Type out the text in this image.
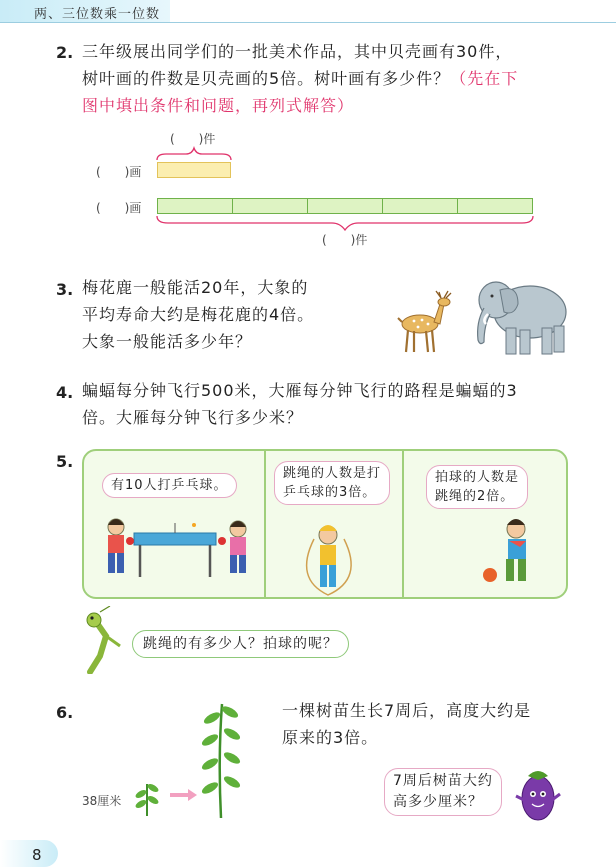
两、三位数乘一位数
2. 三年级展出同学们的一批美术作品，其中贝壳画有30件，
树叶画的件数是贝壳画的5倍。树叶画有多少件？（先在下
图中填出条件和问题，再列式解答）
(　　)件
(　　)画
(　　)画
(　　)件
3. 梅花鹿一般能活20年，大象的
平均寿命大约是梅花鹿的4倍。
大象一般能活多少年？
4. 蝙蝠每分钟飞行500米，大雁每分钟飞行的路程是蝙蝠的3
倍。大雁每分钟飞行多少米？
5.
有10人打乒乓球。
跳绳的人数是打
乒乓球的3倍。
拍球的人数是
跳绳的2倍。
跳绳的有多少人？拍球的呢？
6.	一棵树苗生长7周后，高度大约是
原来的3倍。
38厘米
7周后树苗大约
高多少厘米？
8
